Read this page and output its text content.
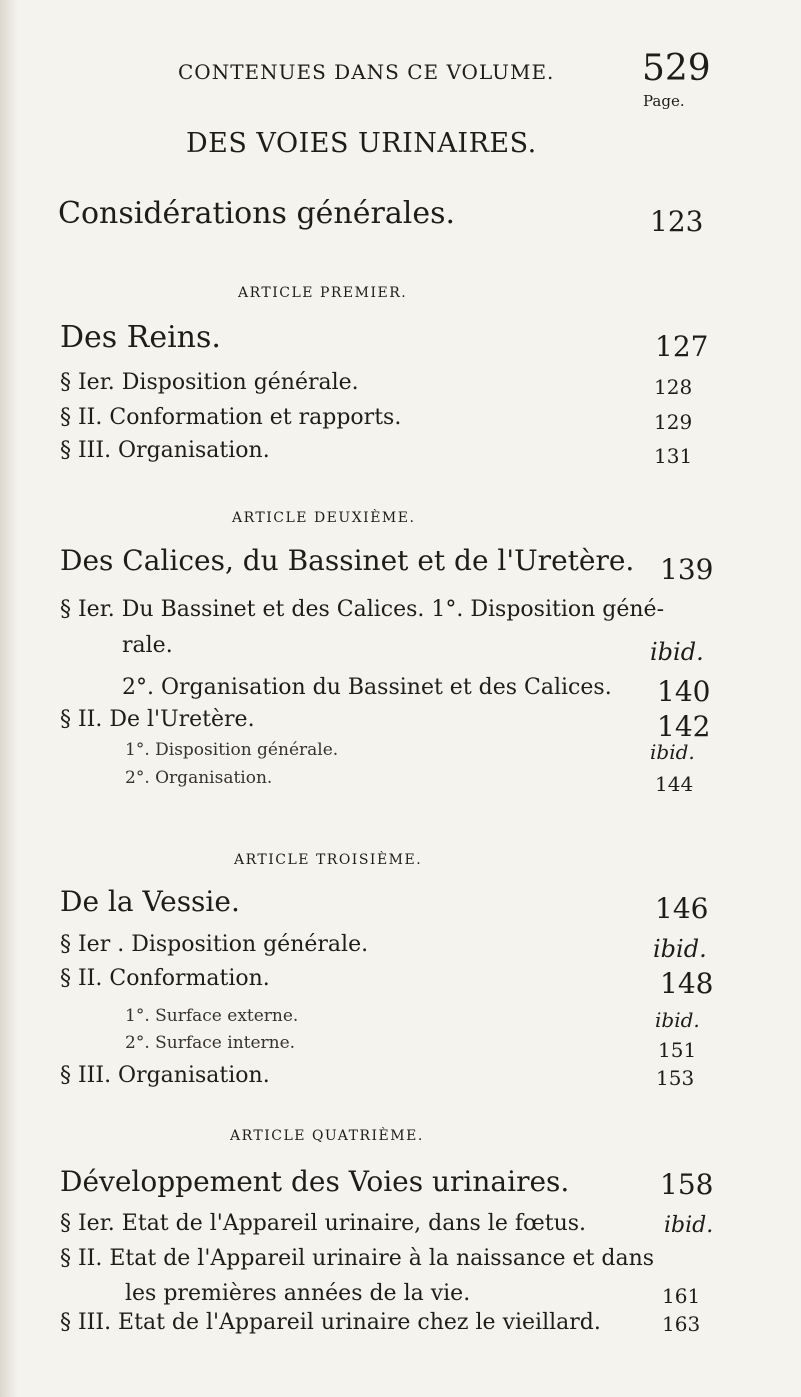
CONTENUES DANS CE VOLUME. 529
Page.
DES VOIES URINAIRES.
Considérations générales.	123
ARTICLE PREMIER.
Des Reins.	127
§ Ier. Disposition générale.	128
§ II. Conformation et rapports.	129
§ III. Organisation.	131
ARTICLE DEUXIÈME.
Des Calices, du Bassinet et de l'Uretère. 139
§ Ier. Du Bassinet et des Calices. 1°. Disposition géné-
rale.	ibid.
2°. Organisation du Bassinet et des Calices. 140
§ II. De l'Uretère.	142
1°. Disposition générale.	ibid.
2°. Organisation.	144
ARTICLE TROISIÈME.
De la Vessie.	146
§ Ier . Disposition générale.	ibid.
§ II. Conformation.	148
1°. Surface externe.	ibid.
2°. Surface interne.	151
§ III. Organisation.	153
ARTICLE QUATRIÈME.
Développement des Voies urinaires.	158
§ Ier. Etat de l'Appareil urinaire, dans le fœtus.	ibid.
§ II. Etat de l'Appareil urinaire à la naissance et dans
les premières années de la vie.	161
§ III. Etat de l'Appareil urinaire chez le vieillard.	163
